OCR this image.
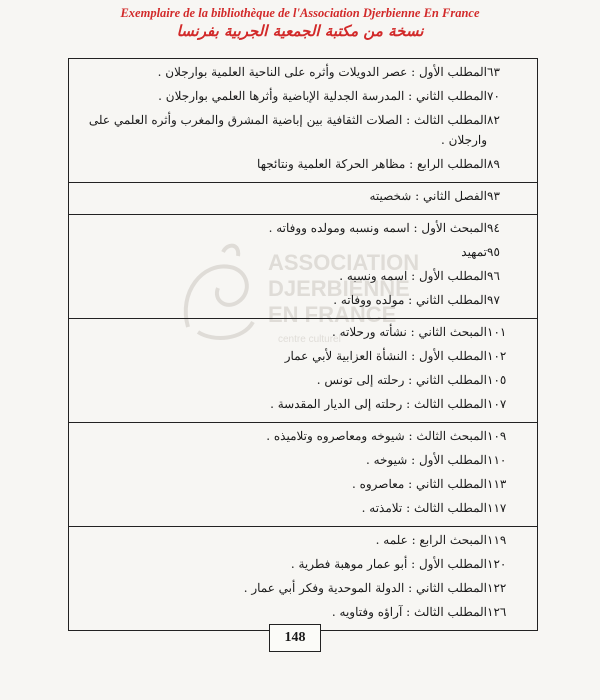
Exemplaire de la bibliothèque de l'Association Djerbienne En France
نسخة من مكتبة الجمعية الجربية بفرنسا
ASSOCIATION
DJERBIENNE
EN FRANCE
centre culturel
المطلب الأول : عصر الدويلات وأثره على الناحية العلمية بوارجلان . ٦٣
المطلب الثاني : المدرسة الجدلية الإباضية وأثرها العلمي بوارجلان . ٧٠
المطلب الثالث : الصلات الثقافية بين إباضية المشرق والمغرب وأثره العلمي على وارجلان .
٨٢
المطلب الرابع : مظاهر الحركة العلمية ونتائجها ٨٩
الفصل الثاني : شخصيته ٩٣
المبحث الأول : اسمه ونسبه ومولده ووفاته . ٩٤
تمهيد ٩٥
المطلب الأول : اسمه ونسبه . ٩٦
المطلب الثاني : مولده ووفاته . ٩٧
المبحث الثاني : نشأته ورحلاته . ١٠١
المطلب الأول : النشأة العزابية لأبي عمار ١٠٢
المطلب الثاني : رحلته إلى تونس . ١٠٥
المطلب الثالث : رحلته إلى الديار المقدسة . ١٠٧
المبحث الثالث : شيوخه ومعاصروه وتلاميذه . ١٠٩
المطلب الأول : شيوخه . ١١٠
المطلب الثاني : معاصروه . ١١٣
المطلب الثالث : تلامذته . ١١٧
المبحث الرابع : علمه . ١١٩
المطلب الأول : أبو عمار موهبة فطرية . ١٢٠
المطلب الثاني : الدولة الموحدية وفكر أبي عمار . ١٢٢
المطلب الثالث : آراؤه وفتاويه . ١٢٦
148
